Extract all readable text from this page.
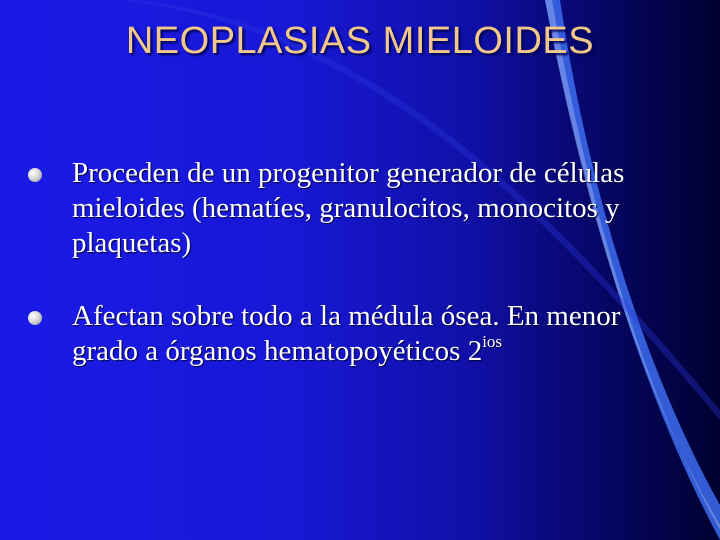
NEOPLASIAS MIELOIDES
Proceden de un progenitor generador de células mieloides (hematíes, granulocitos, monocitos y plaquetas)
Afectan sobre todo a la médula ósea. En menor grado a órganos hematopoyéticos $2^{ios}$
